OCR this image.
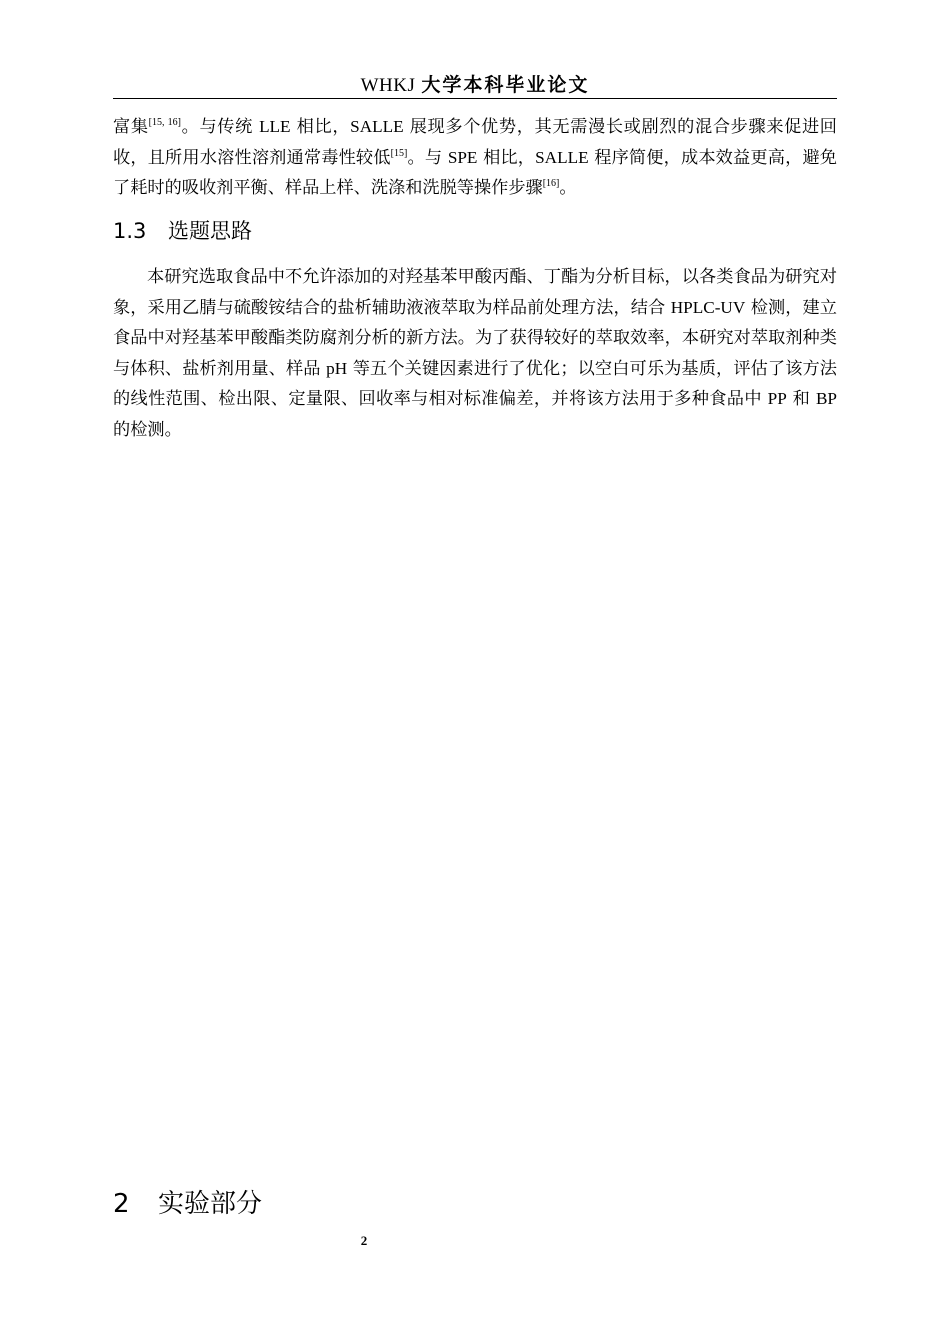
WHKJ 大学本科毕业论文

富集[15, 16]。与传统 LLE 相比，SALLE 展现多个优势，其无需漫长或剧烈的混合步骤来促进回收，且所用水溶性溶剂通常毒性较低[15]。与 SPE 相比，SALLE 程序简便，成本效益更高，避免了耗时的吸收剂平衡、样品上样、洗涤和洗脱等操作步骤[16]。

1.3 选题思路

本研究选取食品中不允许添加的对羟基苯甲酸丙酯、丁酯为分析目标，以各类食品为研究对象，采用乙腈与硫酸铵结合的盐析辅助液液萃取为样品前处理方法，结合 HPLC-UV 检测，建立食品中对羟基苯甲酸酯类防腐剂分析的新方法。为了获得较好的萃取效率，本研究对萃取剂种类与体积、盐析剂用量、样品 pH 等五个关键因素进行了优化；以空白可乐为基质，评估了该方法的线性范围、检出限、定量限、回收率与相对标准偏差，并将该方法用于多种食品中 PP 和 BP 的检测。

2 实验部分
2
